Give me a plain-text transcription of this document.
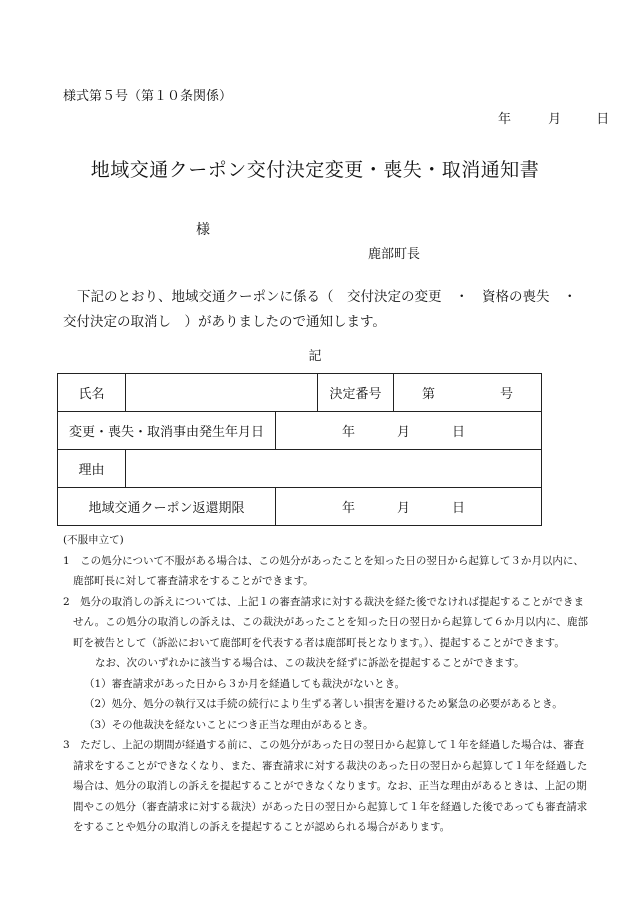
様式第５号（第１０条関係）
年	月	日
地域交通クーポン交付決定変更・喪失・取消通知書
様
鹿部町長
下記のとおり、地域交通クーポンに係る（　交付決定の変更　・　資格の喪失　・
交付決定の取消し　）がありましたので通知します。
記
氏名			決定番号	第 号

変更・喪失・取消事由発生年月日		年 月 日		

理由				
地域交通クーポン返還期限		年 月 日		
(不服申立て)
1　この処分について不服がある場合は、この処分があったことを知った日の翌日から起算して３か月以内に、
鹿部町長に対して審査請求をすることができます。
2　処分の取消しの訴えについては、上記１の審査請求に対する裁決を経た後でなければ提起することができま
せん。この処分の取消しの訴えは、この裁決があったことを知った日の翌日から起算して６か月以内に、鹿部
町を被告として（訴訟において鹿部町を代表する者は鹿部町長となります。）、提起することができます。
なお、次のいずれかに該当する場合は、この裁決を経ずに訴訟を提起することができます。
（1）審査請求があった日から３か月を経過しても裁決がないとき。
（2）処分、処分の執行又は手続の続行により生ずる著しい損害を避けるため緊急の必要があるとき。
（3）その他裁決を経ないことにつき正当な理由があるとき。
3　ただし、上記の期間が経過する前に、この処分があった日の翌日から起算して１年を経過した場合は、審査
請求をすることができなくなり、また、審査請求に対する裁決のあった日の翌日から起算して１年を経過した
場合は、処分の取消しの訴えを提起することができなくなります。なお、正当な理由があるときは、上記の期
間やこの処分（審査請求に対する裁決）があった日の翌日から起算して１年を経過した後であっても審査請求
をすることや処分の取消しの訴えを提起することが認められる場合があります。
